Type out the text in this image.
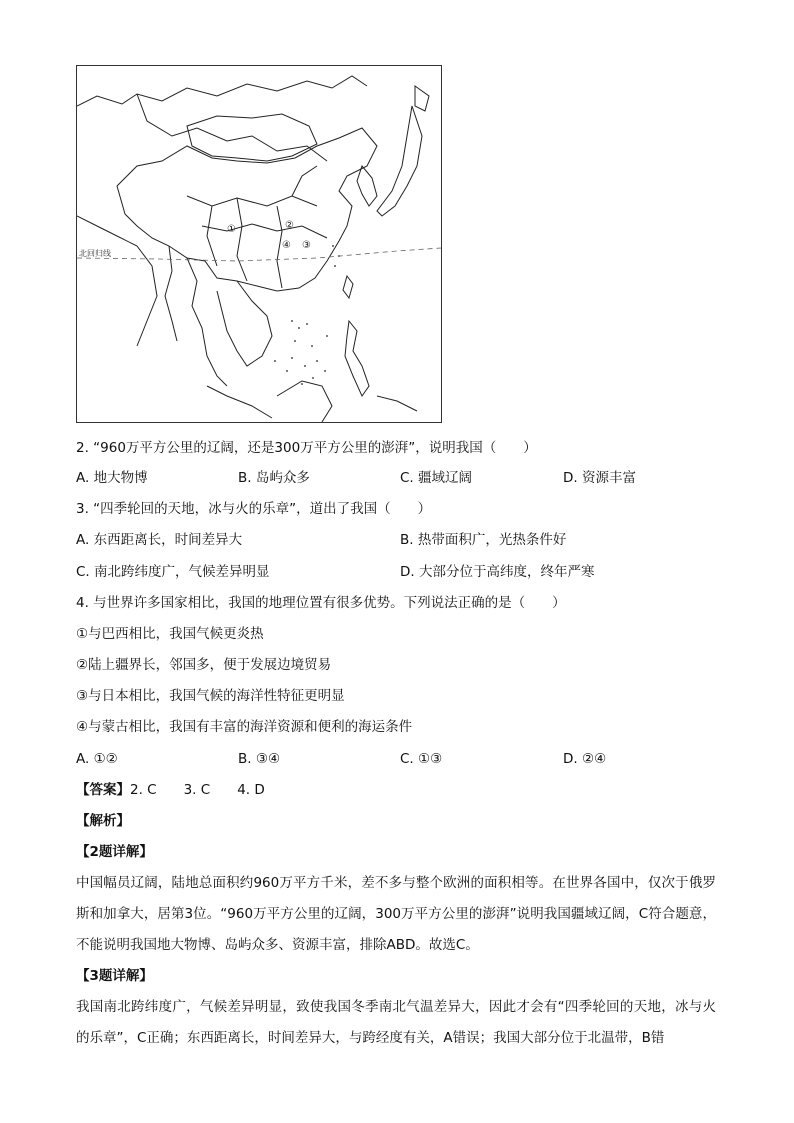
北回归线
①	②
③
④
2. “960万平方公里的辽阔，还是300万平方公里的澎湃”，说明我国（　　）
A. 地大物博	B. 岛屿众多	C. 疆域辽阔	D. 资源丰富
3. “四季轮回的天地，冰与火的乐章”，道出了我国（　　）
A. 东西距离长，时间差异大	B. 热带面积广，光热条件好
C. 南北跨纬度广，气候差异明显	D. 大部分位于高纬度，终年严寒
4. 与世界许多国家相比，我国的地理位置有很多优势。下列说法正确的是（　　）
①与巴西相比，我国气候更炎热
②陆上疆界长，邻国多，便于发展边境贸易
③与日本相比，我国气候的海洋性特征更明显
④与蒙古相比，我国有丰富的海洋资源和便利的海运条件
A. ①②	B. ③④	C. ①③	D. ②④
【答案】2. C　　3. C　　4. D
【解析】
【2题详解】
中国幅员辽阔，陆地总面积约960万平方千米，差不多与整个欧洲的面积相等。在世界各国中，仅次于俄罗斯和加拿大，居第3位。“960万平方公里的辽阔，300万平方公里的澎湃”说明我国疆域辽阔，C符合题意，不能说明我国地大物博、岛屿众多、资源丰富，排除ABD。故选C。
【3题详解】
我国南北跨纬度广，气候差异明显，致使我国冬季南北气温差异大，因此才会有“四季轮回的天地，冰与火的乐章”，C正确；东西距离长，时间差异大，与跨经度有关，A错误；我国大部分位于北温带，B错
